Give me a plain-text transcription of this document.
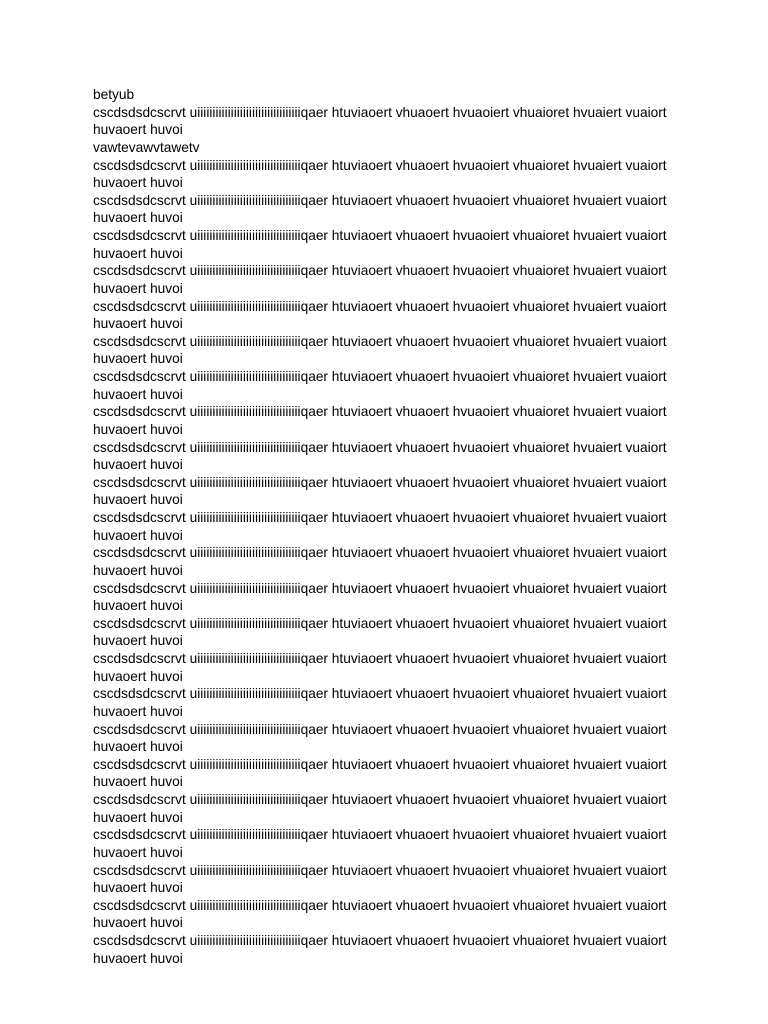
betyub

cscdsdsdcscrvt uiiiiiiiiiiiiiiiiiiiiiiiiiiiiiiiiiiqaer htuviaoert vhuaoert hvuaoiert vhuaioret hvuaiert vuaiort

huvaoert huvoi

vawtevawvtawetv

cscdsdsdcscrvt uiiiiiiiiiiiiiiiiiiiiiiiiiiiiiiiiiiqaer htuviaoert vhuaoert hvuaoiert vhuaioret hvuaiert vuaiort

huvaoert huvoi

cscdsdsdcscrvt uiiiiiiiiiiiiiiiiiiiiiiiiiiiiiiiiiiqaer htuviaoert vhuaoert hvuaoiert vhuaioret hvuaiert vuaiort

huvaoert huvoi

cscdsdsdcscrvt uiiiiiiiiiiiiiiiiiiiiiiiiiiiiiiiiiiqaer htuviaoert vhuaoert hvuaoiert vhuaioret hvuaiert vuaiort

huvaoert huvoi

cscdsdsdcscrvt uiiiiiiiiiiiiiiiiiiiiiiiiiiiiiiiiiiqaer htuviaoert vhuaoert hvuaoiert vhuaioret hvuaiert vuaiort

huvaoert huvoi

cscdsdsdcscrvt uiiiiiiiiiiiiiiiiiiiiiiiiiiiiiiiiiiqaer htuviaoert vhuaoert hvuaoiert vhuaioret hvuaiert vuaiort

huvaoert huvoi

cscdsdsdcscrvt uiiiiiiiiiiiiiiiiiiiiiiiiiiiiiiiiiiqaer htuviaoert vhuaoert hvuaoiert vhuaioret hvuaiert vuaiort

huvaoert huvoi

cscdsdsdcscrvt uiiiiiiiiiiiiiiiiiiiiiiiiiiiiiiiiiiqaer htuviaoert vhuaoert hvuaoiert vhuaioret hvuaiert vuaiort

huvaoert huvoi

cscdsdsdcscrvt uiiiiiiiiiiiiiiiiiiiiiiiiiiiiiiiiiiqaer htuviaoert vhuaoert hvuaoiert vhuaioret hvuaiert vuaiort

huvaoert huvoi

cscdsdsdcscrvt uiiiiiiiiiiiiiiiiiiiiiiiiiiiiiiiiiiqaer htuviaoert vhuaoert hvuaoiert vhuaioret hvuaiert vuaiort

huvaoert huvoi

cscdsdsdcscrvt uiiiiiiiiiiiiiiiiiiiiiiiiiiiiiiiiiiqaer htuviaoert vhuaoert hvuaoiert vhuaioret hvuaiert vuaiort

huvaoert huvoi

cscdsdsdcscrvt uiiiiiiiiiiiiiiiiiiiiiiiiiiiiiiiiiiqaer htuviaoert vhuaoert hvuaoiert vhuaioret hvuaiert vuaiort

huvaoert huvoi

cscdsdsdcscrvt uiiiiiiiiiiiiiiiiiiiiiiiiiiiiiiiiiiqaer htuviaoert vhuaoert hvuaoiert vhuaioret hvuaiert vuaiort

huvaoert huvoi

cscdsdsdcscrvt uiiiiiiiiiiiiiiiiiiiiiiiiiiiiiiiiiiqaer htuviaoert vhuaoert hvuaoiert vhuaioret hvuaiert vuaiort

huvaoert huvoi

cscdsdsdcscrvt uiiiiiiiiiiiiiiiiiiiiiiiiiiiiiiiiiiqaer htuviaoert vhuaoert hvuaoiert vhuaioret hvuaiert vuaiort

huvaoert huvoi

cscdsdsdcscrvt uiiiiiiiiiiiiiiiiiiiiiiiiiiiiiiiiiiqaer htuviaoert vhuaoert hvuaoiert vhuaioret hvuaiert vuaiort

huvaoert huvoi

cscdsdsdcscrvt uiiiiiiiiiiiiiiiiiiiiiiiiiiiiiiiiiiqaer htuviaoert vhuaoert hvuaoiert vhuaioret hvuaiert vuaiort

huvaoert huvoi

cscdsdsdcscrvt uiiiiiiiiiiiiiiiiiiiiiiiiiiiiiiiiiiqaer htuviaoert vhuaoert hvuaoiert vhuaioret hvuaiert vuaiort

huvaoert huvoi

cscdsdsdcscrvt uiiiiiiiiiiiiiiiiiiiiiiiiiiiiiiiiiiqaer htuviaoert vhuaoert hvuaoiert vhuaioret hvuaiert vuaiort

huvaoert huvoi

cscdsdsdcscrvt uiiiiiiiiiiiiiiiiiiiiiiiiiiiiiiiiiiqaer htuviaoert vhuaoert hvuaoiert vhuaioret hvuaiert vuaiort

huvaoert huvoi

cscdsdsdcscrvt uiiiiiiiiiiiiiiiiiiiiiiiiiiiiiiiiiiqaer htuviaoert vhuaoert hvuaoiert vhuaioret hvuaiert vuaiort

huvaoert huvoi

cscdsdsdcscrvt uiiiiiiiiiiiiiiiiiiiiiiiiiiiiiiiiiiqaer htuviaoert vhuaoert hvuaoiert vhuaioret hvuaiert vuaiort

huvaoert huvoi

cscdsdsdcscrvt uiiiiiiiiiiiiiiiiiiiiiiiiiiiiiiiiiiqaer htuviaoert vhuaoert hvuaoiert vhuaioret hvuaiert vuaiort

huvaoert huvoi

cscdsdsdcscrvt uiiiiiiiiiiiiiiiiiiiiiiiiiiiiiiiiiiqaer htuviaoert vhuaoert hvuaoiert vhuaioret hvuaiert vuaiort

huvaoert huvoi
